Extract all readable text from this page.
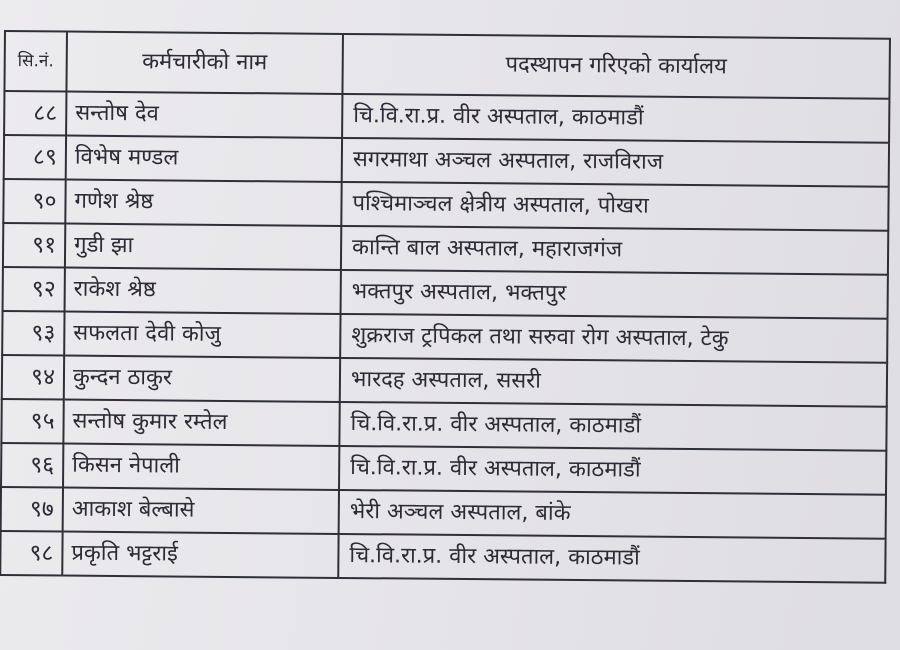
सि.नं.	कर्मचारीको नाम	पदस्थापन गरिएको कार्यालय
८८	सन्तोष देव	चि.वि.रा.प्र. वीर अस्पताल, काठमाडौं
८९	विभेष मण्डल	सगरमाथा अञ्चल अस्पताल, राजविराज
९०	गणेश श्रेष्ठ	पश्चिमाञ्चल क्षेत्रीय अस्पताल, पोखरा
९१	गुडी झा	कान्ति बाल अस्पताल, महाराजगंज
९२	राकेश श्रेष्ठ	भक्तपुर अस्पताल, भक्तपुर
९३	सफलता देवी कोजु	शुक्रराज ट्रपिकल तथा सरुवा रोग अस्पताल, टेकु
९४	कुन्दन ठाकुर	भारदह अस्पताल, ससरी
९५	सन्तोष कुमार रम्तेल	चि.वि.रा.प्र. वीर अस्पताल, काठमाडौं
९६	किसन नेपाली	चि.वि.रा.प्र. वीर अस्पताल, काठमाडौं
९७	आकाश बेल्बासे	भेरी अञ्चल अस्पताल, बांके
९८	प्रकृति भट्टराई	चि.वि.रा.प्र. वीर अस्पताल, काठमाडौं
